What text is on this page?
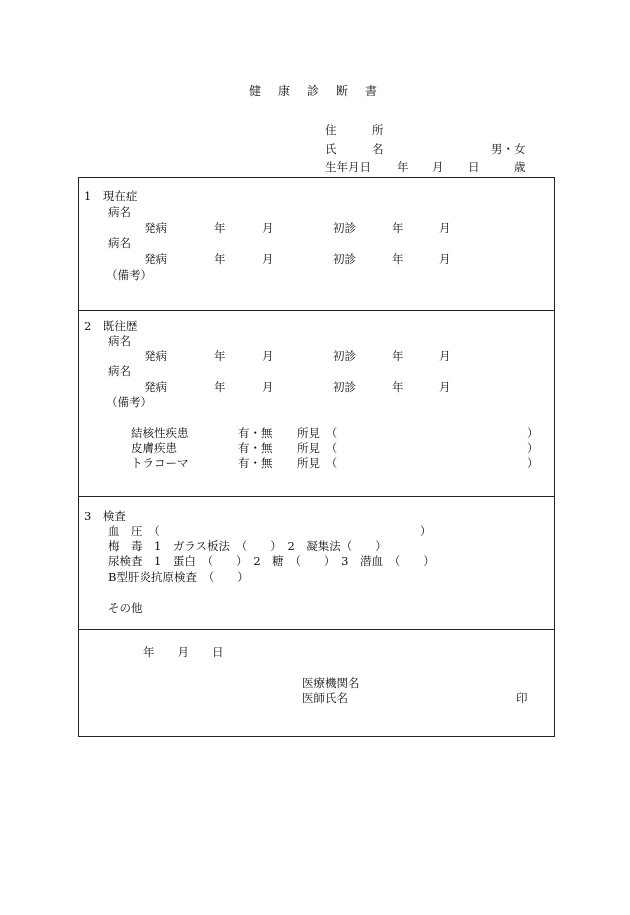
健康診断書
住　所
氏　名	男・女
生年月日 年 月 日	歳
1　現在症
病名
発病	年	月	初診	年	月
病名
発病	年	月	初診	年	月
（備考）
2　既往歴
病名
発病	年	月	初診	年	月
病名
発病	年	月	初診	年	月
（備考）
結核性疾患	有・無 所見　（	）
皮膚疾患	有・無 所見　（	）
トラコーマ	有・無 所見　（	）
3　検査
血　圧　（	）
梅　毒　1　ガラス板法　（　　）　2　凝集法（　　）
尿検査　1　蛋白　（　　）　2　糖　（　　）　3　潜血　（　　）
B型肝炎抗原検査　（　　）
その他
年　　月　　日
医療機関名
医師氏名	印
